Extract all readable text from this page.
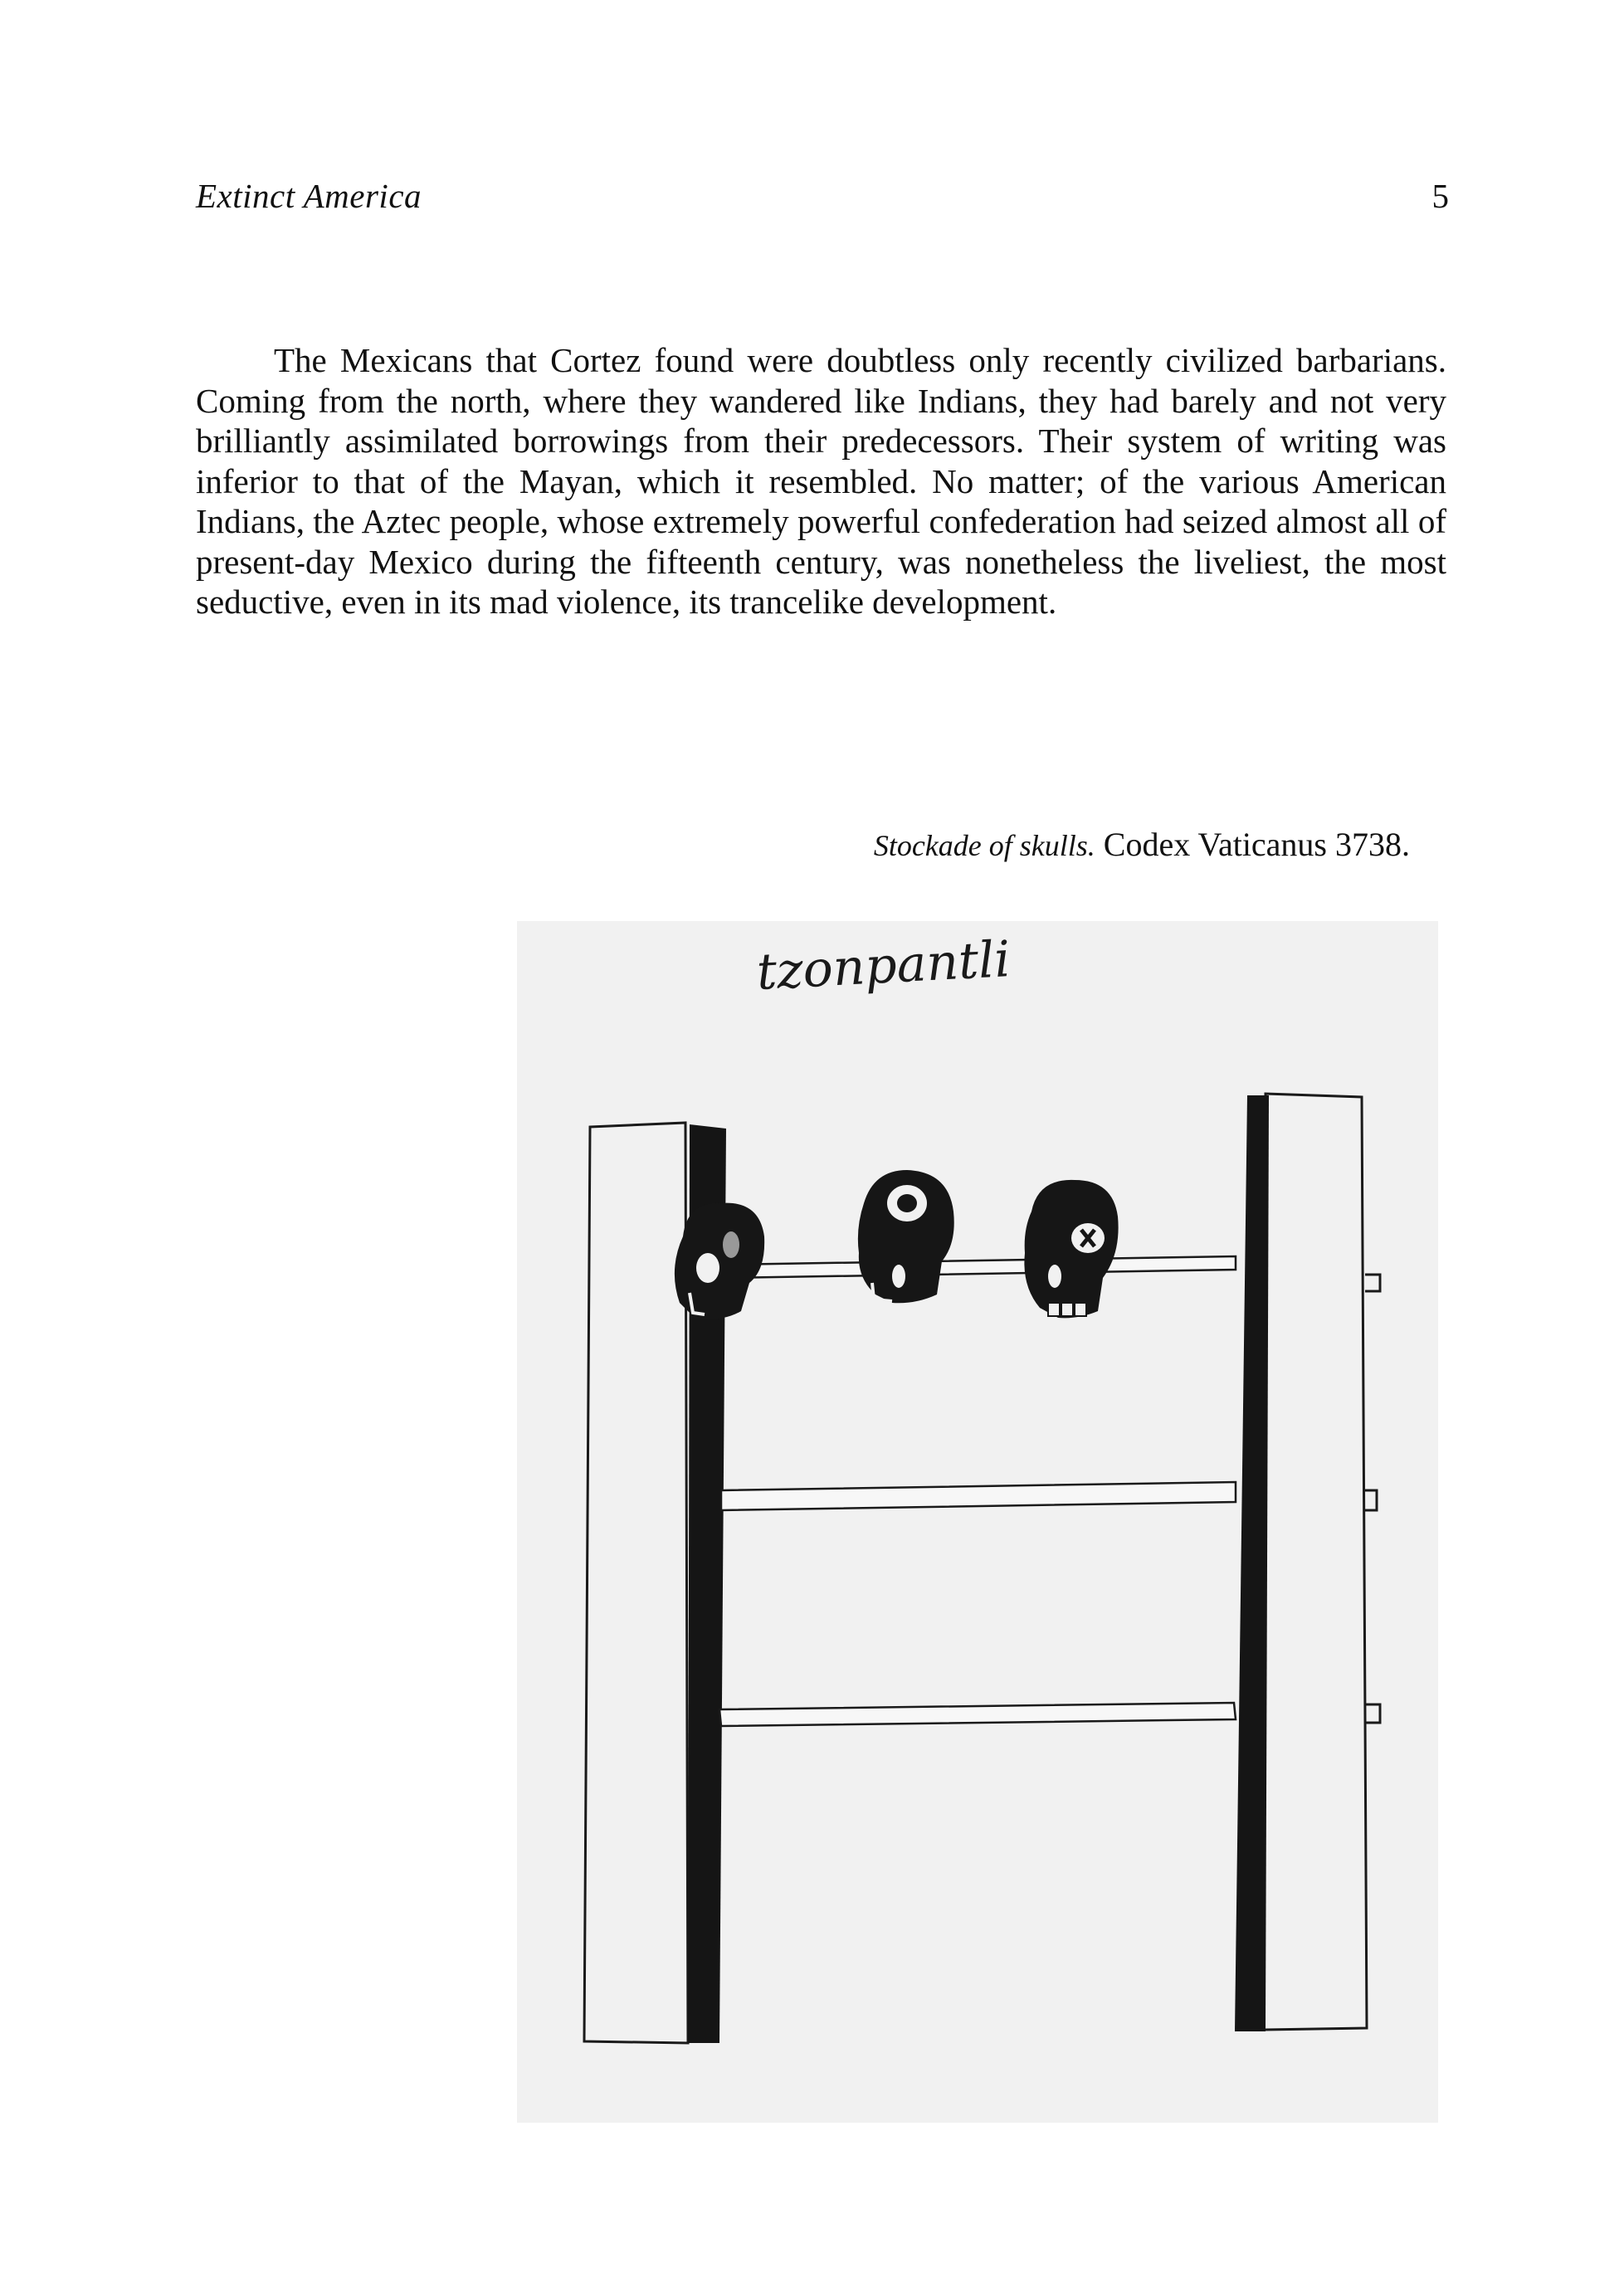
Extinct America	5

The Mexicans that Cortez found were doubtless only recently civilized barbarians. Coming from the north, where they wandered like Indians, they had barely and not very brilliantly assimilated borrowings from their predecessors. Their system of writing was inferior to that of the Mayan, which it resembled. No matter; of the various American Indians, the Aztec people, whose extremely powerful confederation had seized almost all of present-day Mexico during the fifteenth century, was nonetheless the liveliest, the most seductive, even in its mad violence, its trancelike development.

Stockade of skulls. Codex Vaticanus 3738.
tzonpantli
